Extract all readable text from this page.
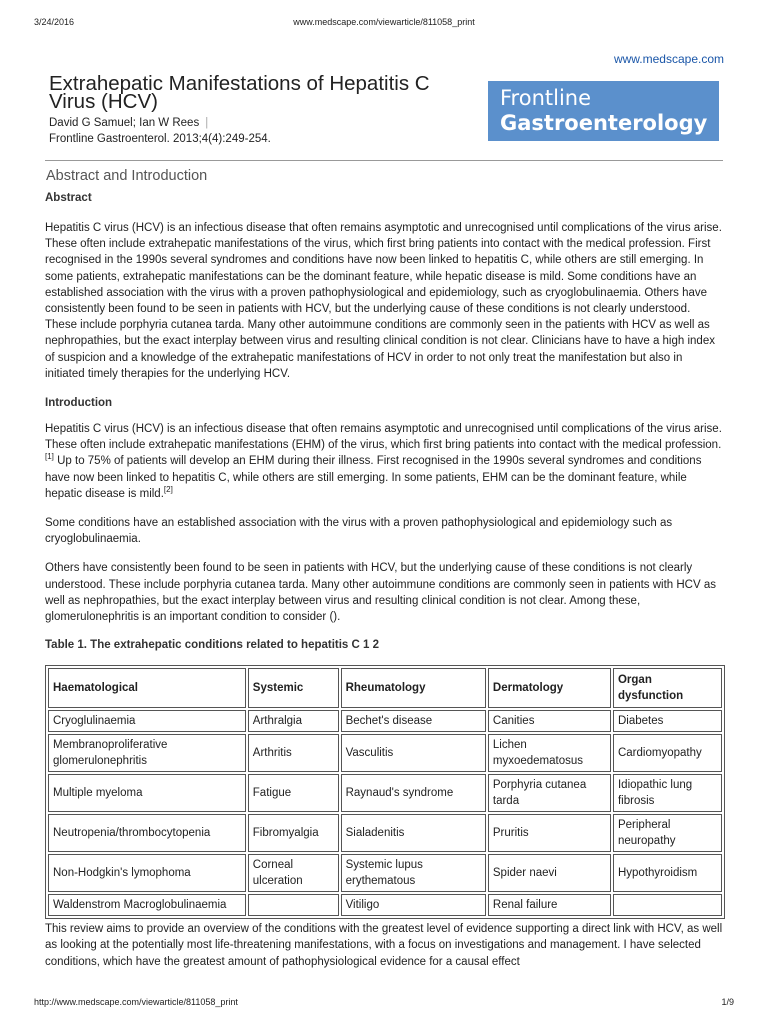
3/24/2016	www.medscape.com/viewarticle/811058_print
www.medscape.com
Extrahepatic Manifestations of Hepatitis C Virus (HCV)
David G Samuel; Ian W Rees |
Frontline Gastroenterol. 2013;4(4):249-254.
Frontline
Gastroenterology
Abstract and Introduction
Abstract

Hepatitis C virus (HCV) is an infectious disease that often remains asymptotic and unrecognised until complications of the virus arise. These often include extrahepatic manifestations of the virus, which first bring patients into contact with the medical profession. First recognised in the 1990s several syndromes and conditions have now been linked to hepatitis C, while others are still emerging. In some patients, extrahepatic manifestations can be the dominant feature, while hepatic disease is mild. Some conditions have an established association with the virus with a proven pathophysiological and epidemiology, such as cryoglobulinaemia. Others have consistently been found to be seen in patients with HCV, but the underlying cause of these conditions is not clearly understood. These include porphyria cutanea tarda. Many other autoimmune conditions are commonly seen in the patients with HCV as well as nephropathies, but the exact interplay between virus and resulting clinical condition is not clear. Clinicians have to have a high index of suspicion and a knowledge of the extrahepatic manifestations of HCV in order to not only treat the manifestation but also in initiated timely therapies for the underlying HCV.

Introduction

Hepatitis C virus (HCV) is an infectious disease that often remains asymptotic and unrecognised until complications of the virus arise. These often include extrahepatic manifestations (EHM) of the virus, which first bring patients into contact with the medical profession.[1] Up to 75% of patients will develop an EHM during their illness. First recognised in the 1990s several syndromes and conditions have now been linked to hepatitis C, while others are still emerging. In some patients, EHM can be the dominant feature, while hepatic disease is mild.[2]

Some conditions have an established association with the virus with a proven pathophysiological and epidemiology such as cryoglobulinaemia.

Others have consistently been found to be seen in patients with HCV, but the underlying cause of these conditions is not clearly understood. These include porphyria cutanea tarda. Many other autoimmune conditions are commonly seen in patients with HCV as well as nephropathies, but the exact interplay between virus and resulting clinical condition is not clear. Among these, glomerulonephritis is an important condition to consider ().

Table 1. The extrahepatic conditions related to hepatitis C 1 2
Haematological	Systemic	Rheumatology	Dermatology	Organ dysfunction
Cryoglulinaemia	Arthralgia	Bechet's disease	Canities	Diabetes
Membranoproliferative glomerulonephritis	Arthritis	Vasculitis	Lichen myxoedematosus	Cardiomyopathy
Multiple myeloma	Fatigue	Raynaud's syndrome	Porphyria cutanea tarda	Idiopathic lung fibrosis
Neutropenia/thrombocytopenia	Fibromyalgia	Sialadenitis	Pruritis	Peripheral neuropathy
Non-Hodgkin's lymophoma	Corneal ulceration	Systemic lupus erythematous	Spider naevi	Hypothyroidism
Waldenstrom Macroglobulinaemia		Vitiligo	Renal failure	

This review aims to provide an overview of the conditions with the greatest level of evidence supporting a direct link with HCV, as well as looking at the potentially most life-threatening manifestations, with a focus on investigations and management. I have selected conditions, which have the greatest amount of pathophysiological evidence for a causal effect

http://www.medscape.com/viewarticle/811058_print	1/9
